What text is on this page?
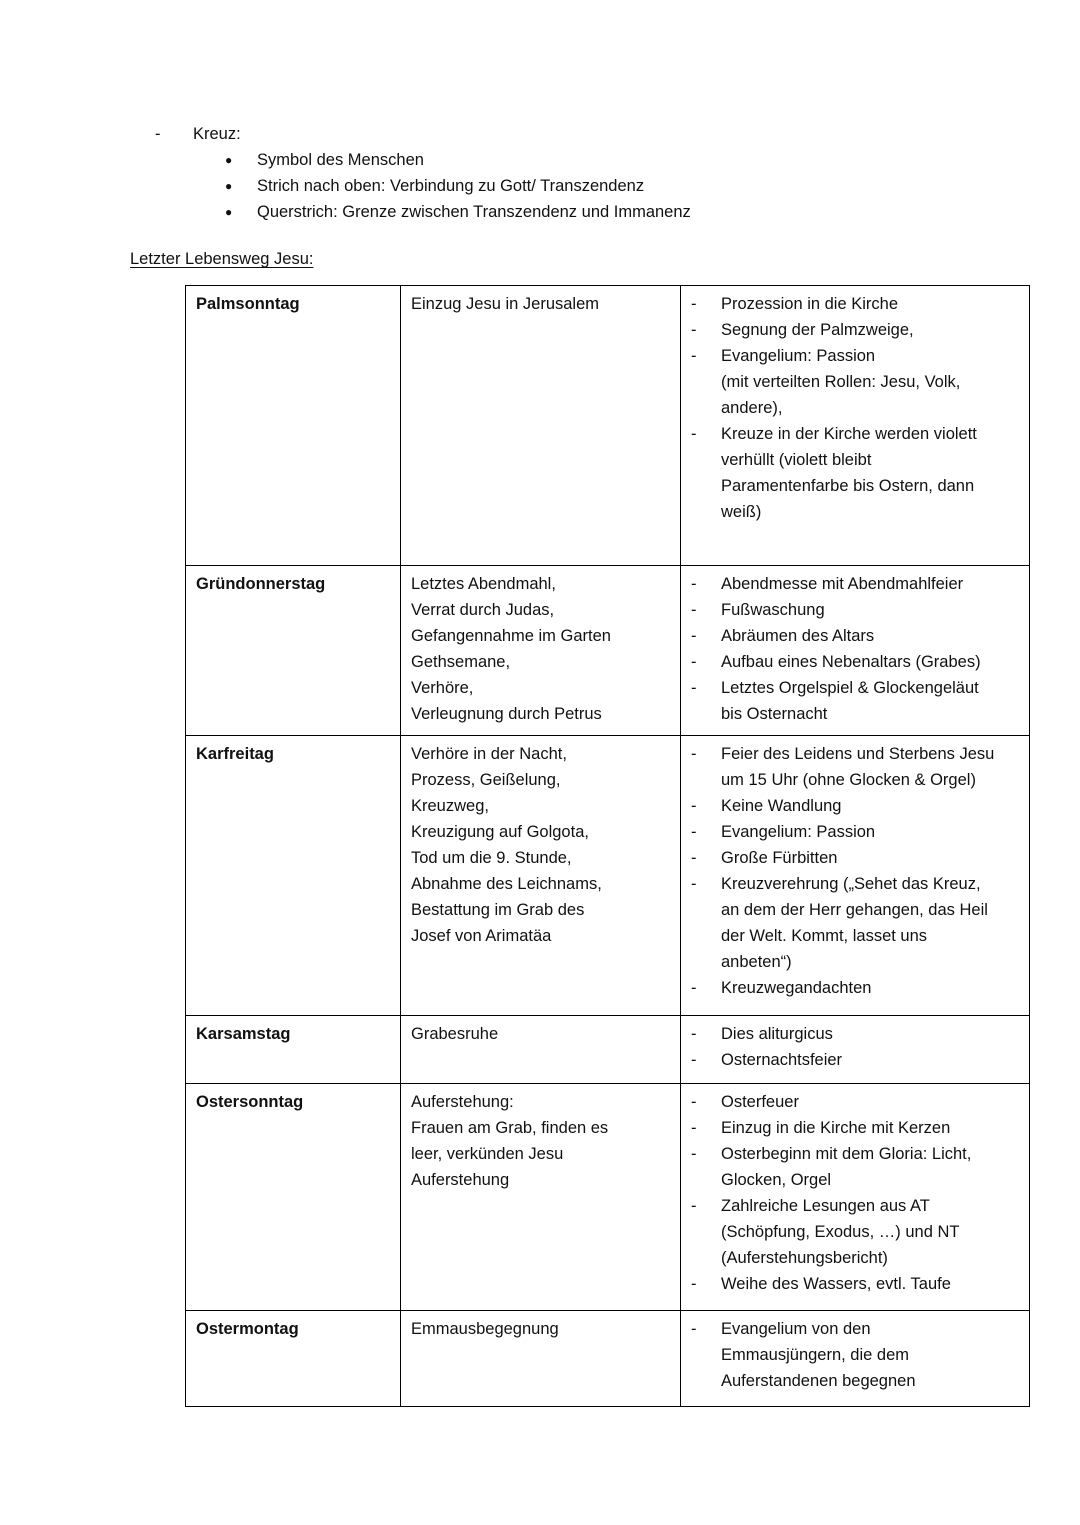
-	Kreuz:
●	Symbol des Menschen
●	Strich nach oben: Verbindung zu Gott/ Transzendenz
●	Querstrich: Grenze zwischen Transzendenz und Immanenz
Letzter Lebensweg Jesu:
Palmsonntag	Einzug Jesu in Jerusalem	-	Prozession in die Kirche
-	Segnung der Palmzweige,
-	Evangelium: Passion
(mit verteilten Rollen: Jesu, Volk,
andere),
-	Kreuze in der Kirche werden violett
verhüllt (violett bleibt
Paramentenfarbe bis Ostern, dann
weiß)
Gründonnerstag	Letztes Abendmahl,
Verrat durch Judas,
Gefangennahme im Garten
Gethsemane,
Verhöre,
Verleugnung durch Petrus
-	Abendmesse mit Abendmahlfeier
-	Fußwaschung
-	Abräumen des Altars
-	Aufbau eines Nebenaltars (Grabes)
-	Letztes Orgelspiel & Glockengeläut
bis Osternacht
Karfreitag	Verhöre in der Nacht,
Prozess, Geißelung,
Kreuzweg,
Kreuzigung auf Golgota,
Tod um die 9. Stunde,
Abnahme des Leichnams,
Bestattung im Grab des
Josef von Arimatäa
-	Feier des Leidens und Sterbens Jesu
um 15 Uhr (ohne Glocken & Orgel)
-	Keine Wandlung
-	Evangelium: Passion
-	Große Fürbitten
-	Kreuzverehrung („Sehet das Kreuz,
an dem der Herr gehangen, das Heil
der Welt. Kommt, lasset uns
anbeten“)
-	Kreuzwegandachten
Karsamstag	Grabesruhe	-	Dies aliturgicus
-	Osternachtsfeier
Ostersonntag	Auferstehung:
Frauen am Grab, finden es
leer, verkünden Jesu
Auferstehung
-	Osterfeuer
-	Einzug in die Kirche mit Kerzen
-	Osterbeginn mit dem Gloria: Licht,
Glocken, Orgel
-	Zahlreiche Lesungen aus AT
(Schöpfung, Exodus, …) und NT
(Auferstehungsbericht)
-	Weihe des Wassers, evtl. Taufe
Ostermontag	Emmausbegegnung	-	Evangelium von den
Emmausjüngern, die dem
Auferstandenen begegnen
